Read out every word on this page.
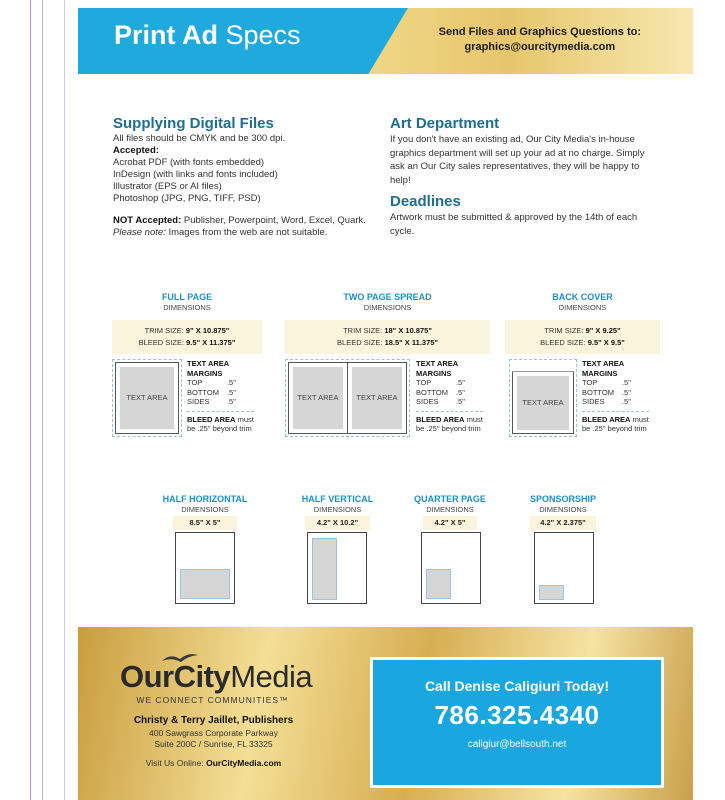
Print Ad Specs	Send Files and Graphics Questions to:
graphics@ourcitymedia.com
Supplying Digital Files
All files should be CMYK and be 300 dpi.
Accepted:
Acrobat PDF (with fonts embedded)
InDesign (with links and fonts included)
Illustrator (EPS or AI files)
Photoshop (JPG, PNG, TIFF, PSD)
NOT Accepted: Publisher, Powerpoint, Word, Excel, Quark.
Please note: Images from the web are not suitable.
Art Department

If you don't have an existing ad, Our City Media's in-house graphics department will set up your ad at no charge. Simply ask an Our City sales representatives, they will be happy to help!

Deadlines

Artwork must be submitted & approved by the 14th of each cycle.

FULL PAGE
DIMENSIONS
TRIM SIZE: 9" X 10.875"
BLEED SIZE: 9.5" X 11.375"
TEXT AREA
TEXT AREA
MARGINS
TOP	.5"
BOTTOM	.5"
SIDES	.5"
BLEED AREA must
be .25" beyond trim
TWO PAGE SPREAD
DIMENSIONS
TRIM SIZE: 18" X 10.875"
BLEED SIZE: 18.5" X 11.375"
TEXT AREA TEXT AREA
TEXT AREA
MARGINS
TOP	.5"
BOTTOM	.5"
SIDES	.5"
BLEED AREA must
be .25" beyond trim
BACK COVER
DIMENSIONS
TRIM SIZE: 9" X 9.25"
BLEED SIZE: 9.5" X 9.5"
TEXT AREA
TEXT AREA
MARGINS
TOP	.5"
BOTTOM	.5"
SIDES	.5"
BLEED AREA must
be .25" beyond trim
HALF HORIZONTAL
DIMENSIONS
8.5" X 5"
HALF VERTICAL
DIMENSIONS
4.2" X 10.2"
QUARTER PAGE
DIMENSIONS
4.2" X 5"
SPONSORSHIP
DIMENSIONS
4.2" X 2.375"
OurCityMedia
WE CONNECT COMMUNITIES™
Christy & Terry Jaillet, Publishers
400 Sawgrass Corporate Parkway
Suite 200C / Sunrise, FL 33325
Visit Us Online: OurCityMedia.com
Call Denise Caligiuri Today!
786.325.4340
caligiur@bellsouth.net
